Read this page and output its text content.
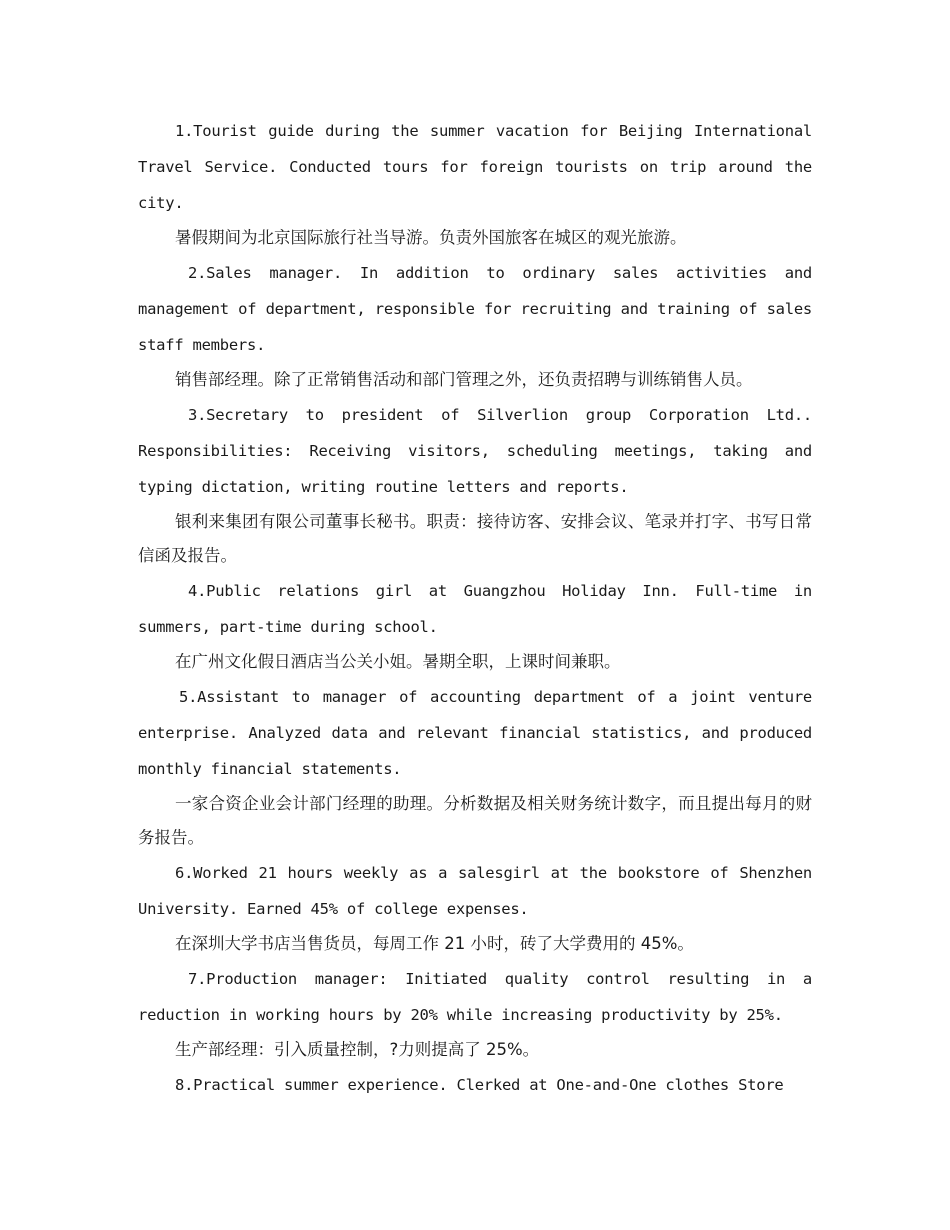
1.Tourist guide during the summer vacation for Beijing International Travel Service. Conducted tours for foreign tourists on trip around the city.

暑假期间为北京国际旅行社当导游。负责外国旅客在城区的观光旅游。

2.Sales manager. In addition to ordinary sales activities and management of department, responsible for recruiting and training of sales staff members.

销售部经理。除了正常销售活动和部门管理之外，还负责招聘与训练销售人员。

3.Secretary to president of Silverlion group Corporation Ltd.. Responsibilities: Receiving visitors, scheduling meetings, taking and typing dictation, writing routine letters and reports.

银利来集团有限公司董事长秘书。职责：接待访客、安排会议、笔录并打字、书写日常信函及报告。

4.Public relations girl at Guangzhou Holiday Inn. Full-time in summers, part-time during school.

在广州文化假日酒店当公关小姐。暑期全职，上课时间兼职。

5.Assistant to manager of accounting department of a joint venture enterprise. Analyzed data and relevant financial statistics, and produced monthly financial statements.

一家合资企业会计部门经理的助理。分析数据及相关财务统计数字，而且提出每月的财务报告。

6.Worked 21 hours weekly as a salesgirl at the bookstore of Shenzhen University. Earned 45% of college expenses.

在深圳大学书店当售货员，每周工作 21 小时，砖了大学费用的 45%。

7.Production manager: Initiated quality control resulting in a reduction in working hours by 20% while increasing productivity by 25%.

生产部经理：引入质量控制，?力则提高了 25%。

8.Practical summer experience. Clerked at One-and-One clothes Store
